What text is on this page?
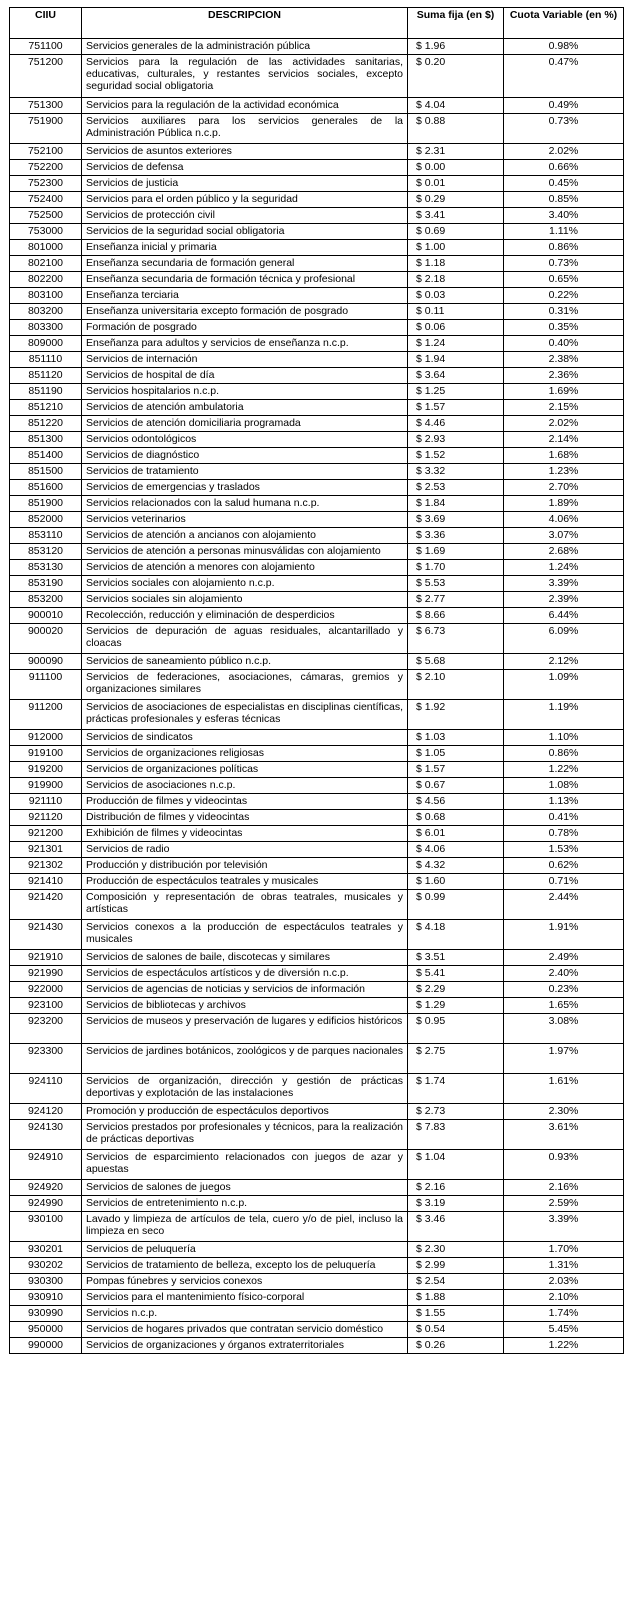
CIIU	DESCRIPCION	Suma fija (en $)	Cuota Variable (en %)
751100	Servicios generales de la administración pública	$ 1.96	0.98%
751200	Servicios para la regulación de las actividades sanitarias, educativas, culturales, y restantes servicios sociales, excepto seguridad social obligatoria	$ 0.20	0.47%
751300	Servicios para la regulación de la actividad económica	$ 4.04	0.49%
751900	Servicios auxiliares para los servicios generales de la Administración Pública n.c.p.	$ 0.88	0.73%
752100	Servicios de asuntos exteriores	$ 2.31	2.02%
752200	Servicios de defensa	$ 0.00	0.66%
752300	Servicios de justicia	$ 0.01	0.45%
752400	Servicios para el orden público y la seguridad	$ 0.29	0.85%
752500	Servicios de protección civil	$ 3.41	3.40%
753000	Servicios de la seguridad social obligatoria	$ 0.69	1.11%
801000	Enseñanza inicial y primaria	$ 1.00	0.86%
802100	Enseñanza secundaria de formación general	$ 1.18	0.73%
802200	Enseñanza secundaria de formación técnica y profesional	$ 2.18	0.65%
803100	Enseñanza terciaria	$ 0.03	0.22%
803200	Enseñanza universitaria excepto formación de posgrado	$ 0.11	0.31%
803300	Formación de posgrado	$ 0.06	0.35%
809000	Enseñanza para adultos y servicios de enseñanza n.c.p.	$ 1.24	0.40%
851110	Servicios de internación	$ 1.94	2.38%
851120	Servicios de hospital de día	$ 3.64	2.36%
851190	Servicios hospitalarios n.c.p.	$ 1.25	1.69%
851210	Servicios de atención ambulatoria	$ 1.57	2.15%
851220	Servicios de atención domiciliaria programada	$ 4.46	2.02%
851300	Servicios odontológicos	$ 2.93	2.14%
851400	Servicios de diagnóstico	$ 1.52	1.68%
851500	Servicios de tratamiento	$ 3.32	1.23%
851600	Servicios de emergencias y traslados	$ 2.53	2.70%
851900	Servicios relacionados con la salud humana n.c.p.	$ 1.84	1.89%
852000	Servicios veterinarios	$ 3.69	4.06%
853110	Servicios de atención a ancianos con alojamiento	$ 3.36	3.07%
853120	Servicios de atención a personas minusválidas con alojamiento	$ 1.69	2.68%
853130	Servicios de atención a menores con alojamiento	$ 1.70	1.24%
853190	Servicios sociales con alojamiento n.c.p.	$ 5.53	3.39%
853200	Servicios sociales sin alojamiento	$ 2.77	2.39%
900010	Recolección, reducción y eliminación de desperdicios	$ 8.66	6.44%
900020	Servicios de depuración de aguas residuales, alcantarillado y cloacas	$ 6.73	6.09%
900090	Servicios de saneamiento público n.c.p.	$ 5.68	2.12%
911100	Servicios de federaciones, asociaciones, cámaras, gremios y organizaciones similares	$ 2.10	1.09%
911200	Servicios de asociaciones de especialistas en disciplinas científicas, prácticas profesionales y esferas técnicas	$ 1.92	1.19%
912000	Servicios de sindicatos	$ 1.03	1.10%
919100	Servicios de organizaciones religiosas	$ 1.05	0.86%
919200	Servicios de organizaciones políticas	$ 1.57	1.22%
919900	Servicios de asociaciones n.c.p.	$ 0.67	1.08%
921110	Producción de filmes y videocintas	$ 4.56	1.13%
921120	Distribución de filmes y videocintas	$ 0.68	0.41%
921200	Exhibición de filmes y videocintas	$ 6.01	0.78%
921301	Servicios de radio	$ 4.06	1.53%
921302	Producción y distribución por televisión	$ 4.32	0.62%
921410	Producción de espectáculos teatrales y musicales	$ 1.60	0.71%
921420	Composición y representación de obras teatrales, musicales y artísticas	$ 0.99	2.44%
921430	Servicios conexos a la producción de espectáculos teatrales y musicales	$ 4.18	1.91%
921910	Servicios de salones de baile, discotecas y similares	$ 3.51	2.49%
921990	Servicios de espectáculos artísticos y de diversión n.c.p.	$ 5.41	2.40%
922000	Servicios de agencias de noticias y servicios de información	$ 2.29	0.23%
923100	Servicios de bibliotecas y archivos	$ 1.29	1.65%
923200	Servicios de museos y preservación de lugares y edificios históricos	$ 0.95	3.08%
923300	Servicios de jardines botánicos, zoológicos y de parques nacionales	$ 2.75	1.97%
924110	Servicios de organización, dirección y gestión de prácticas deportivas y explotación de las instalaciones	$ 1.74	1.61%
924120	Promoción y producción de espectáculos deportivos	$ 2.73	2.30%
924130	Servicios prestados por profesionales y técnicos, para la realización de prácticas deportivas	$ 7.83	3.61%
924910	Servicios de esparcimiento relacionados con juegos de azar y apuestas	$ 1.04	0.93%
924920	Servicios de salones de juegos	$ 2.16	2.16%
924990	Servicios de entretenimiento n.c.p.	$ 3.19	2.59%
930100	Lavado y limpieza de artículos de tela, cuero y/o de piel, incluso la limpieza en seco	$ 3.46	3.39%
930201	Servicios de peluquería	$ 2.30	1.70%
930202	Servicios de tratamiento de belleza, excepto los de peluquería	$ 2.99	1.31%
930300	Pompas fúnebres y servicios conexos	$ 2.54	2.03%
930910	Servicios para el mantenimiento físico-corporal	$ 1.88	2.10%
930990	Servicios n.c.p.	$ 1.55	1.74%
950000	Servicios de hogares privados que contratan servicio doméstico	$ 0.54	5.45%
990000	Servicios de organizaciones y órganos extraterritoriales	$ 0.26	1.22%
